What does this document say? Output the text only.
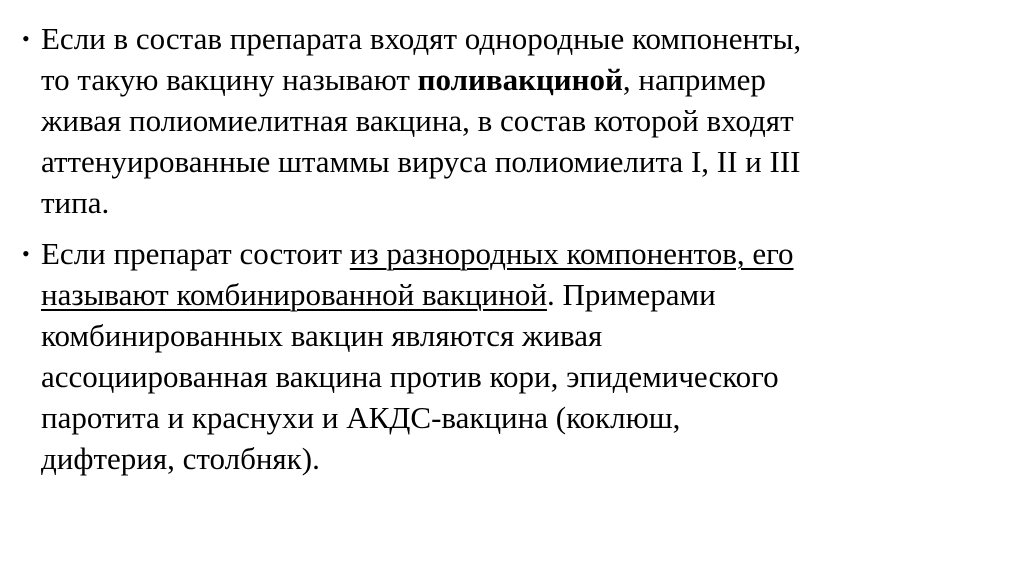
• Если в состав препарата входят однородные компоненты,
то такую вакцину называют поливакциной, например
живая полиомиелитная вакцина, в состав которой входят
аттенуированные штаммы вируса полиомиелита I, II и III
типа.
• Если препарат состоит из разнородных компонентов, его
называют комбинированной вакциной. Примерами
комбинированных вакцин являются живая
ассоциированная вакцина против кори, эпидемического
паротита и краснухи и АКДС-вакцина (коклюш,
дифтерия, столбняк).
